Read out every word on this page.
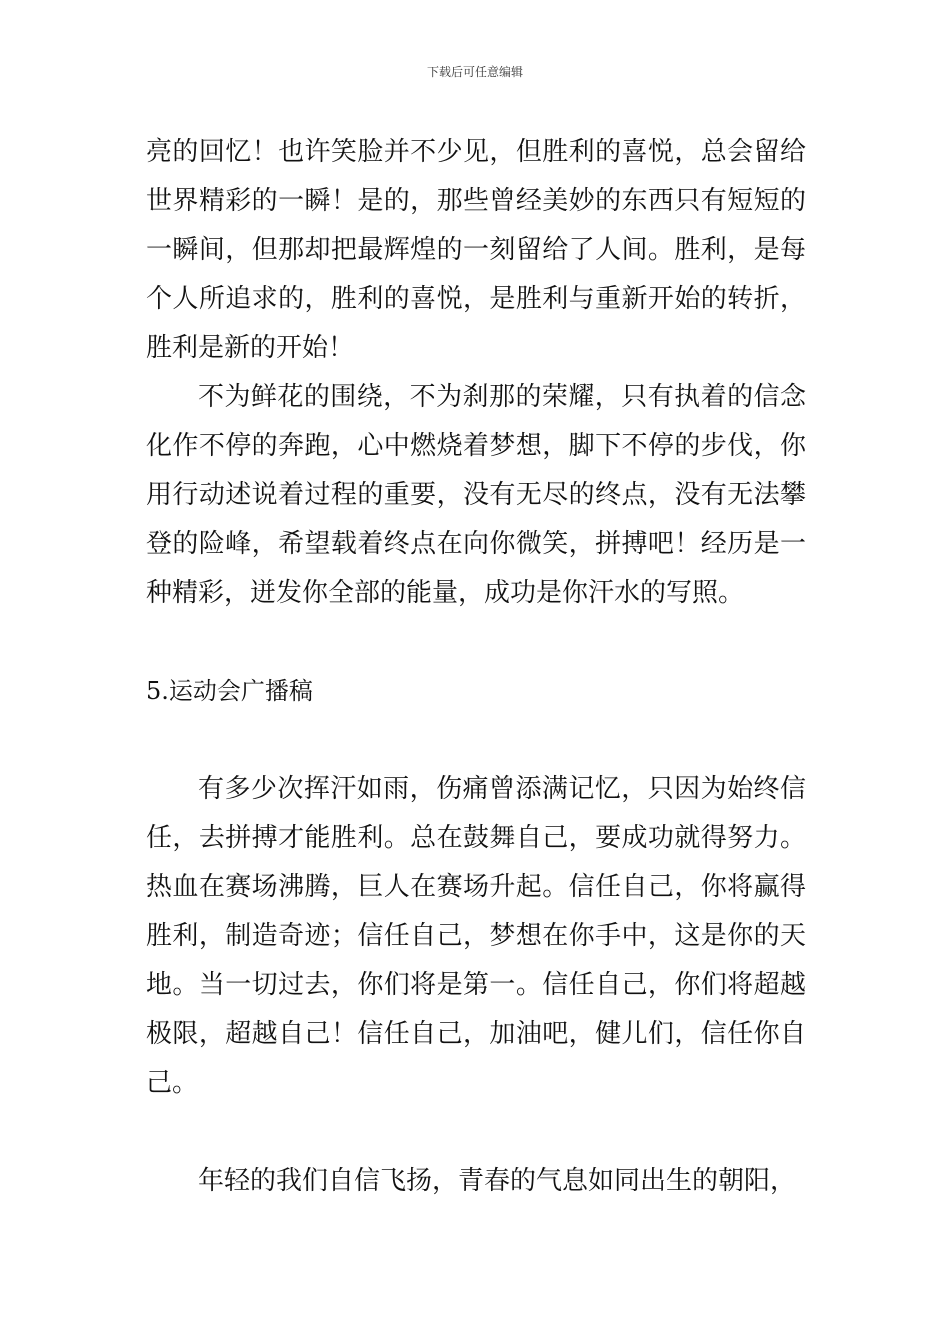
下载后可任意编辑

亮的回忆！也许笑脸并不少见，但胜利的喜悦，总会留给世界精彩的一瞬！是的，那些曾经美妙的东西只有短短的一瞬间，但那却把最辉煌的一刻留给了人间。胜利，是每个人所追求的，胜利的喜悦，是胜利与重新开始的转折，胜利是新的开始！

不为鲜花的围绕，不为刹那的荣耀，只有执着的信念化作不停的奔跑，心中燃烧着梦想，脚下不停的步伐，你用行动述说着过程的重要，没有无尽的终点，没有无法攀登的险峰，希望载着终点在向你微笑，拼搏吧！经历是一种精彩，迸发你全部的能量，成功是你汗水的写照。

5.运动会广播稿

有多少次挥汗如雨，伤痛曾添满记忆，只因为始终信任，去拼搏才能胜利。总在鼓舞自己，要成功就得努力。热血在赛场沸腾，巨人在赛场升起。信任自己，你将赢得胜利，制造奇迹；信任自己，梦想在你手中，这是你的天地。当一切过去，你们将是第一。信任自己，你们将超越极限，超越自己！信任自己，加油吧，健儿们，信任你自己。

年轻的我们自信飞扬，青春的气息如同出生的朝阳，
